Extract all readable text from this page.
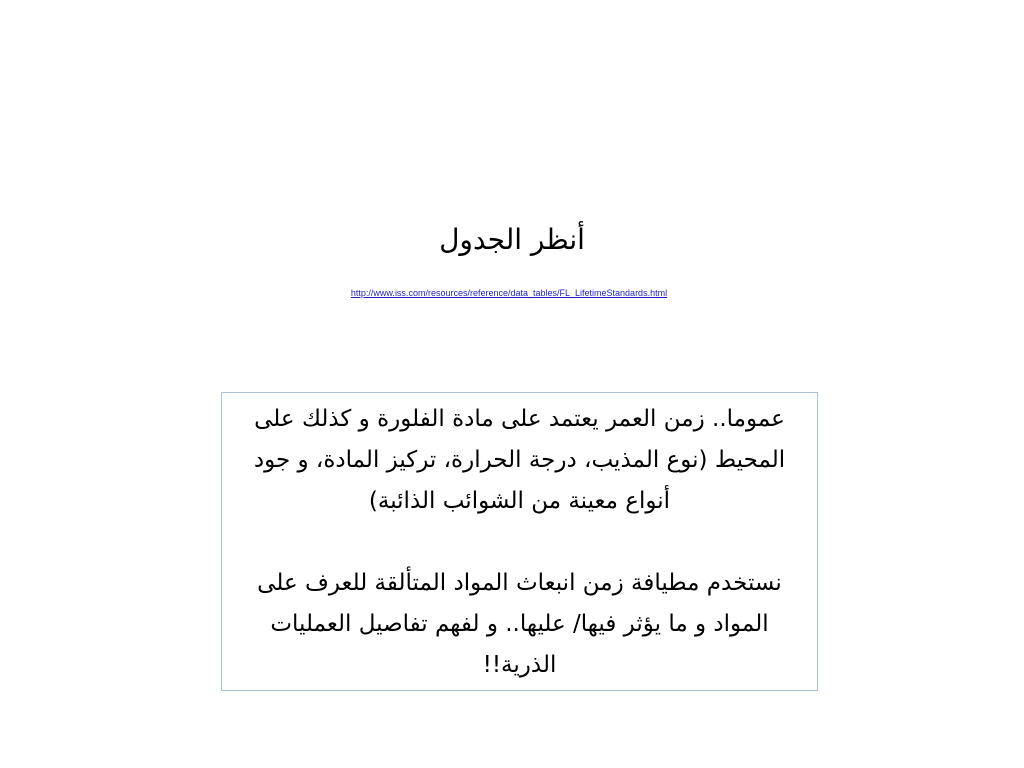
أنظر الجدول
http://www.iss.com/resources/reference/data_tables/FL_LifetimeStandards.html

عموما.. زمن العمر يعتمد على مادة الفلورة و كذلك على المحيط (نوع المذيب، درجة الحرارة، تركيز المادة، و جود أنواع معينة من الشوائب الذائبة)

نستخدم مطيافة زمن انبعاث المواد المتألقة للعرف على المواد و ما يؤثر فيها/ عليها.. و لفهم تفاصيل العمليات الذرية!!
